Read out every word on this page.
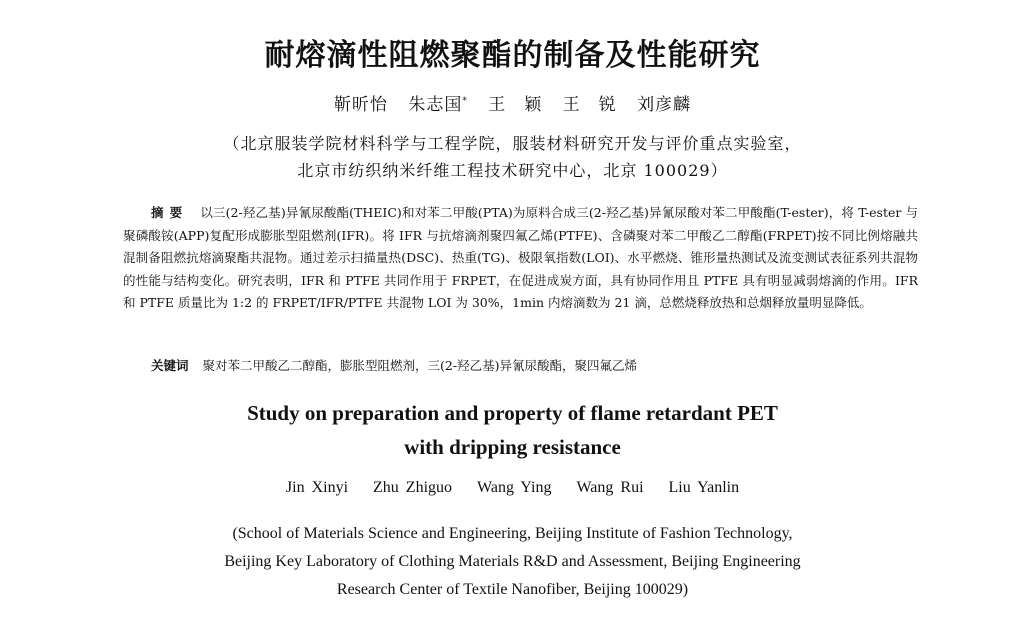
耐熔滴性阻燃聚酯的制备及性能研究
靳昕怡 朱志国* 王　颖 王　锐 刘彦麟
（北京服装学院材料科学与工程学院，服装材料研究开发与评价重点实验室，
北京市纺织纳米纤维工程技术研究中心，北京 100029）
摘要 以三(2-羟乙基)异氰尿酸酯(THEIC)和对苯二甲酸(PTA)为原料合成三(2-羟乙基)异氰尿酸对苯二甲酸酯(T-ester)，将 T-ester 与聚磷酸铵(APP)复配形成膨胀型阻燃剂(IFR)。将 IFR 与抗熔滴剂聚四氟乙烯(PTFE)、含磷聚对苯二甲酸乙二醇酯(FRPET)按不同比例熔融共混制备阻燃抗熔滴聚酯共混物。通过差示扫描量热(DSC)、热重(TG)、极限氧指数(LOI)、水平燃烧、锥形量热测试及流变测试表征系列共混物的性能与结构变化。研究表明，IFR 和 PTFE 共同作用于 FRPET，在促进成炭方面，具有协同作用且 PTFE 具有明显减弱熔滴的作用。IFR 和 PTFE 质量比为 1:2 的 FRPET/IFR/PTFE 共混物 LOI 为 30%，1min 内熔滴数为 21 滴，总燃烧释放热和总烟释放量明显降低。
关键词 聚对苯二甲酸乙二醇酯，膨胀型阻燃剂，三(2-羟乙基)异氰尿酸酯，聚四氟乙烯
Study on preparation and property of flame retardant PET
with dripping resistance
Jin Xinyi Zhu Zhiguo Wang Ying Wang Rui Liu Yanlin
(School of Materials Science and Engineering, Beijing Institute of Fashion Technology,
Beijing Key Laboratory of Clothing Materials R&D and Assessment, Beijing Engineering
Research Center of Textile Nanofiber, Beijing 100029)
